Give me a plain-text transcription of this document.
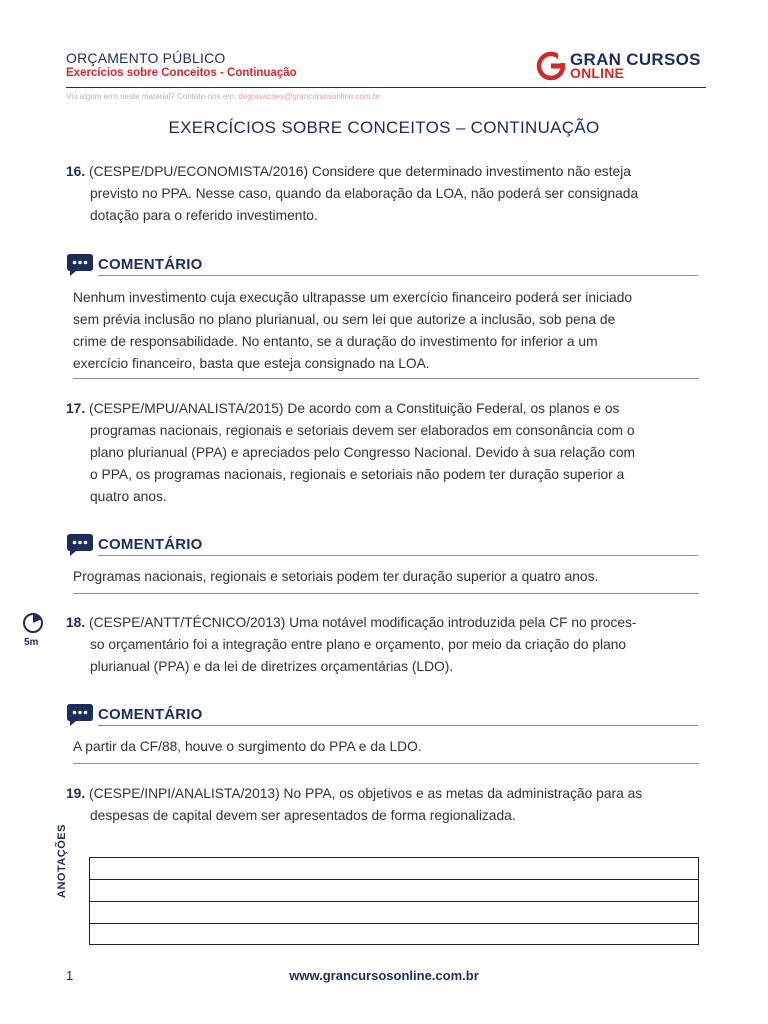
ORÇAMENTO PÚBLICO
Exercícios sobre Conceitos - Continuação
GRAN CURSOS
ONLINE
Viu algum erro neste material? Contate-nos em: degravacoes@grancursosonline.com.br
EXERCÍCIOS SOBRE CONCEITOS – CONTINUAÇÃO
16. (CESPE/DPU/ECONOMISTA/2016) Considere que determinado investimento não esteja
previsto no PPA. Nesse caso, quando da elaboração da LOA, não poderá ser consignada
dotação para o referido investimento.
COMENTÁRIO
Nenhum investimento cuja execução ultrapasse um exercício financeiro poderá ser iniciado
sem prévia inclusão no plano plurianual, ou sem lei que autorize a inclusão, sob pena de
crime de responsabilidade. No entanto, se a duração do investimento for inferior a um
exercício financeiro, basta que esteja consignado na LOA.
17. (CESPE/MPU/ANALISTA/2015) De acordo com a Constituição Federal, os planos e os
programas nacionais, regionais e setoriais devem ser elaborados em consonância com o
plano plurianual (PPA) e apreciados pelo Congresso Nacional. Devido à sua relação com
o PPA, os programas nacionais, regionais e setoriais não podem ter duração superior a
quatro anos.
COMENTÁRIO
Programas nacionais, regionais e setoriais podem ter duração superior a quatro anos.
5m
18. (CESPE/ANTT/TÉCNICO/2013) Uma notável modificação introduzida pela CF no proces-
so orçamentário foi a integração entre plano e orçamento, por meio da criação do plano
plurianual (PPA) e da lei de diretrizes orçamentárias (LDO).
COMENTÁRIO
A partir da CF/88, houve o surgimento do PPA e da LDO.
19. (CESPE/INPI/ANALISTA/2013) No PPA, os objetivos e as metas da administração para as
despesas de capital devem ser apresentados de forma regionalizada.
ANOTAÇÕES
1	www.grancursosonline.com.br
